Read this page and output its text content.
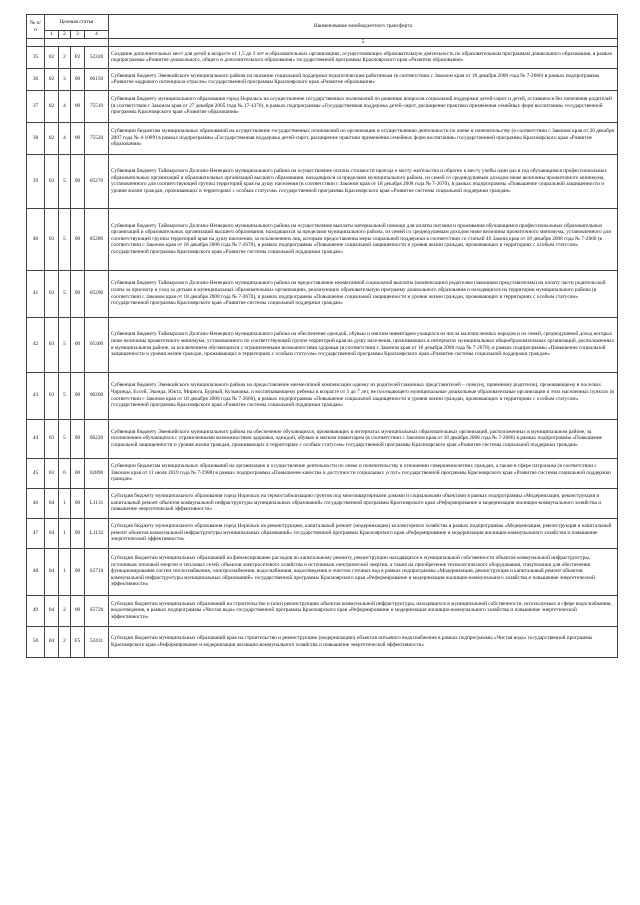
№ п/п	Целевая статья				Наименование межбюджетного трансферта
	1	2	3	4	
					5
35	02	2	P2	52320	Создание дополнительных мест для детей в возрасте от 1,5 до 3 лет в образовательных организациях, осуществляющих образовательную деятельность по образовательным программам дошкольного образования, в рамках подпрограммы «Развитие дошкольного, общего и дополнительного образования» государственной программы Красноярского края «Развитие образования»
36	02	3	00	06150	Субвенция бюджету Эвенкийского муниципального района на оказание социальной поддержки педагогическим работникам (в соответствии с Законом края от 18 декабря 2008 года № 7-2666) в рамках подпрограммы «Развитие кадрового потенциала отрасли» государственной программы Красноярского края «Развитие образования»
37	02	4	00	75510	Субвенция бюджету муниципального образования город Норильск на осуществление государственных полномочий по решению вопросов социальной поддержки детей-сирот и детей, оставшихся без попечения родителей (в соответствии с Законом края от 27 декабря 2005 года № 17-4370), в рамках подпрограммы «Государственная поддержка детей-сирот, расширение практики применения семейных форм воспитания» государственной программы Красноярского края «Развитие образования»
38	02	4	00	75520	Субвенции бюджетам муниципальных образований на осуществление государственных полномочий по организации и осуществлению деятельности по опеке и попечительству (в соответствии с Законом края от 20 декабря 2007 года № 4-1089) в рамках подпрограммы «Государственная поддержка детей-сирот, расширение практики применения семейных форм воспитания» государственной программы Красноярского края «Развитие образования»
39	03	5	00	05270	Субвенция бюджету Таймырского Долгано-Ненецкого муниципального района на осуществление оплаты стоимости проезда к месту жительства и обратно к месту учебы один раз в год обучающимся профессиональных образовательных организаций и образовательных организаций высшего образования, находящихся за пределами муниципального района, из семей со среднедушевым доходом ниже величины прожиточного минимума, установленного для соответствующей группы территорий края на душу населения (в соответствии с Законом края от 18 декабря 2008 года № 7-2670), в рамках подпрограммы «Повышение социальной защищенности и уровня жизни граждан, проживающих в территориях с особым статусом» государственной программы Красноярского края «Развитие системы социальной поддержки граждан»
40	03	5	00	05280	Субвенция бюджету Таймырского Долгано-Ненецкого муниципального района на осуществление выплаты материальной помощи для оплаты питания и проживания обучающимся профессиональных образовательных организаций и образовательных организаций высшего образования, находящихся за пределами муниципального района, из семей со среднедушевым доходом ниже величины прожиточного минимума, установленного для соответствующей группы территорий края на душу населения, за исключением лиц, которым предоставлены меры социальной поддержки в соответствии со статьей 46 Закона края от 18 декабря 2008 года № 7-2660 (в соответствии с Законом края от 18 декабря 2008 года № 7-2670), в рамках подпрограммы «Повышение социальной защищенности и уровня жизни граждан, проживающих в территориях с особым статусом» государственной программы Красноярского края «Развитие системы социальной поддержки граждан»
41	03	5	00	05290	Субвенция бюджету Таймырского Долгано-Ненецкого муниципального района на предоставление ежемесячной социальной выплаты (компенсации) родителям (законным представителям) на оплату части родительской платы за присмотр и уход за детьми в муниципальных образовательных организациях, реализующих образовательную программу дошкольного образования и находящихся на территории муниципального района (в соответствии с Законом края от 18 декабря 2008 года № 7-2670), в рамках подпрограммы «Повышение социальной защищенности и уровня жизни граждан, проживающих в территориях с особым статусом» государственной программы Красноярского края «Развитие системы социальной поддержки граждан»
42	03	5	00	05300	Субвенция бюджету Таймырского Долгано-Ненецкого муниципального района на обеспечение одеждой, обувью и мягким инвентарем учащихся из числа малочисленных народов и из семей, среднедушевой доход которых ниже величины прожиточного минимума, установленного по соответствующей группе территорий края на душу населения, проживающих в интернатах муниципальных общеобразовательных организаций, расположенных в муниципальном районе, за исключением обучающихся с ограниченными возможностями здоровья (в соответствии с Законом края от 18 декабря 2008 года № 7-2670), в рамках подпрограммы «Повышение социальной защищенности и уровня жизни граждан, проживающих в территориях с особым статусом» государственной программы Красноярского края «Развитие системы социальной поддержки граждан»
43	03	5	00	06200	Субвенция бюджету Эвенкийского муниципального района на предоставление ежемесячной компенсации одному из родителей (законных представителей – опекуну, приемному родителю), проживающему в поселках Чиринда, Ессей, Эконда, Юкта, Мирюга, Бурный, Кузьмовка, и воспитывающему ребенка в возрасте от 3 до 7 лет, не посещающего муниципальные дошкольные образовательные организации в этих населенных пунктах (в соответствии с Законом края от 18 декабря 2008 года № 7-2666), в рамках подпрограммы «Повышение социальной защищенности и уровня жизни граждан, проживающих в территориях с особым статусом» государственной программы Красноярского края «Развитие системы социальной поддержки граждан»
44	03	5	00	06220	Субвенция бюджету Эвенкийского муниципального района на обеспечение обучающихся, проживающих в интернатах муниципальных образовательных организаций, расположенных в муниципальном районе, за исключением обучающихся с ограниченными возможностями здоровья, одеждой, обувью и мягким инвентарем (в соответствии с Законом края от 18 декабря 2008 года № 7-2666) в рамках подпрограммы «Повышение социальной защищенности и уровня жизни граждан, проживающих в территориях с особым статусом» государственной программы Красноярского края «Развитие системы социальной поддержки граждан»
45	03	6	00	02890	Субвенции бюджетам муниципальных образований на организацию и осуществление деятельности по опеке и попечительству в отношении совершеннолетних граждан, а также в сфере патронажа (в соответствии с Законом края от 11 июля 2019 года № 7-2988) в рамках подпрограммы «Повышение качества и доступности социальных услуг» государственной программы Красноярского края «Развитие системы социальной поддержки граждан»
46	04	1	00	L1131	Субсидия бюджету муниципального образования город Норильск на термостабилизацию грунтов под многоквартирными домами и социальными объектами в рамках подпрограммы «Модернизация, реконструкция и капитальный ремонт объектов коммунальной инфраструктуры муниципальных образований» государственной программы Красноярского края «Реформирование и модернизация жилищно-коммунального хозяйства и повышение энергетической эффективности»
47	04	1	00	L1132	Субсидия бюджету муниципального образования город Норильск на реконструкцию, капитальный ремонт (модернизацию) коллекторного хозяйства в рамках подпрограммы «Модернизация, реконструкция и капитальный ремонт объектов коммунальной инфраструктуры муниципальных образований» государственной программы Красноярского края «Реформирование и модернизация жилищно-коммунального хозяйства и повышение энергетической эффективности»
48	04	1	00	S5710	Субсидии бюджетам муниципальных образований на финансирование расходов по капитальному ремонту, реконструкции находящихся в муниципальной собственности объектов коммунальной инфраструктуры, источников тепловой энергии и тепловых сетей, объектов электросетевого хозяйства и источников электрической энергии, а также на приобретение технологического оборудования, спецтехники для обеспечения функционирования систем теплоснабжения, электроснабжения, водоснабжения, водоотведения и очистки сточных вод в рамках подпрограммы «Модернизация, реконструкция и капитальный ремонт объектов коммунальной инфраструктуры муниципальных образований» государственной программы Красноярского края «Реформирование и модернизация жилищно-коммунального хозяйства и повышение энергетической эффективности»
49	04	2	00	S5720	Субсидии бюджетам муниципальных образований на строительство и (или) реконструкцию объектов коммунальной инфраструктуры, находящихся в муниципальной собственности, используемых в сфере водоснабжения, водоотведения, в рамках подпрограммы «Чистая вода» государственной программы Красноярского края «Реформирование и модернизация жилищно-коммунального хозяйства и повышение энергетической эффективности»
50	04	2	F5	52431	Субсидии бюджетам муниципальных образований края на строительство и реконструкцию (модернизацию) объектов питьевого водоснабжения в рамках подпрограммы «Чистая вода» государственной программы Красноярского края «Реформирование и модернизация жилищно-коммунального хозяйства и повышение энергетической эффективности»
